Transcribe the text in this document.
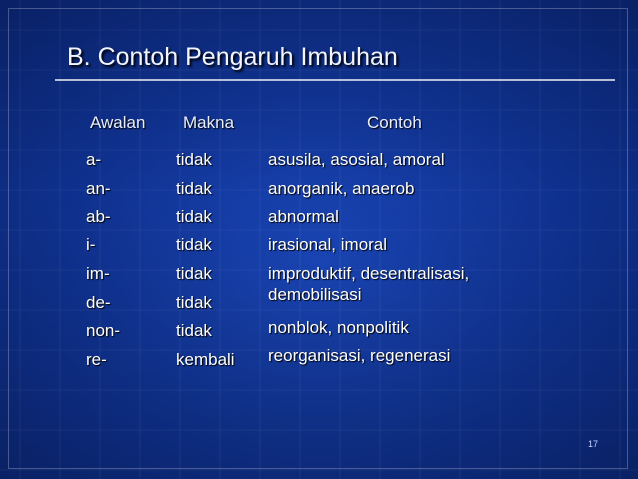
B. Contoh Pengaruh Imbuhan
Awalan Makna	Contoh
a-
an-
ab-
i-
im-
de-
non-
re-
tidak
tidak
tidak
tidak
tidak
tidak
tidak
kembali
asusila, asosial, amoral
anorganik, anaerob
abnormal
irasional, imoral
improduktif, desentralisasi,
demobilisasi
nonblok, nonpolitik
reorganisasi, regenerasi
17
